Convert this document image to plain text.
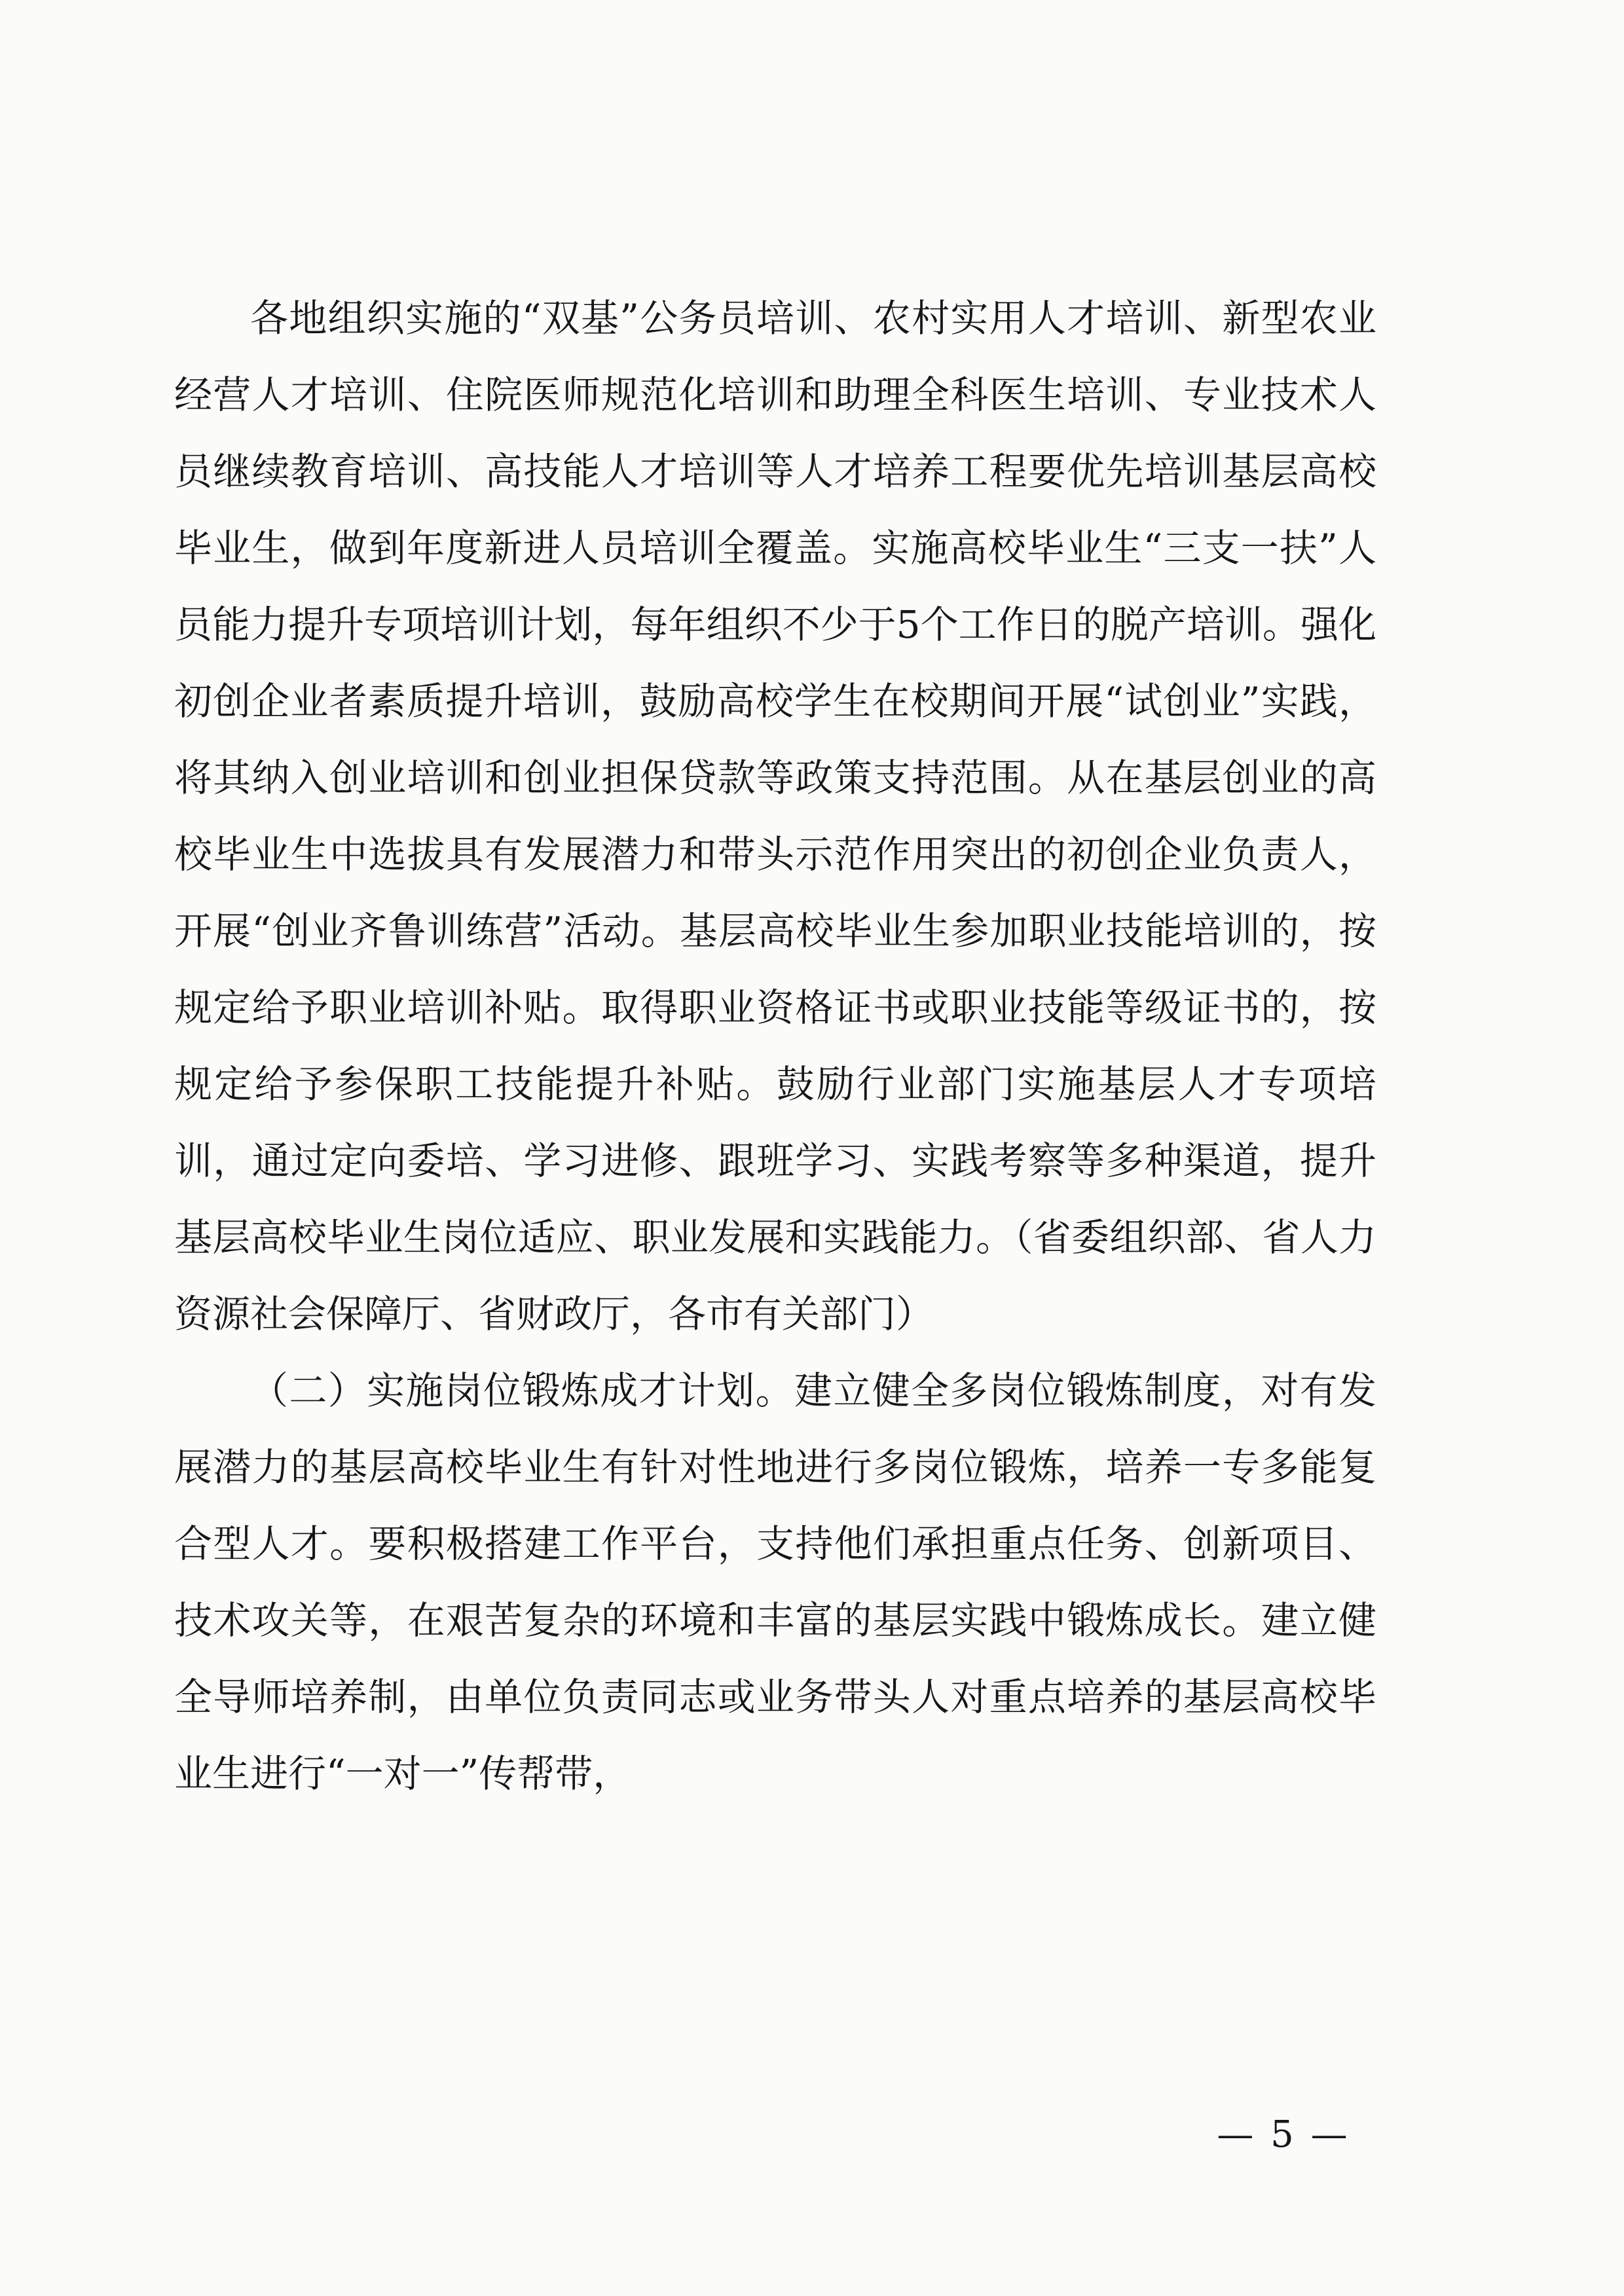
各地组织实施的“双基”公务员培训、农村实用人才培训、新型农业经营人才培训、住院医师规范化培训和助理全科医生培训、专业技术人员继续教育培训、高技能人才培训等人才培养工程要优先培训基层高校毕业生，做到年度新进人员培训全覆盖。实施高校毕业生“三支一扶”人员能力提升专项培训计划，每年组织不少于5个工作日的脱产培训。强化初创企业者素质提升培训，鼓励高校学生在校期间开展“试创业”实践，将其纳入创业培训和创业担保贷款等政策支持范围。从在基层创业的高校毕业生中选拔具有发展潜力和带头示范作用突出的初创企业负责人，开展“创业齐鲁训练营”活动。基层高校毕业生参加职业技能培训的，按规定给予职业培训补贴。取得职业资格证书或职业技能等级证书的，按规定给予参保职工技能提升补贴。鼓励行业部门实施基层人才专项培训，通过定向委培、学习进修、跟班学习、实践考察等多种渠道，提升基层高校毕业生岗位适应、职业发展和实践能力。（省委组织部、省人力资源社会保障厅、省财政厅，各市有关部门）

（二）实施岗位锻炼成才计划。建立健全多岗位锻炼制度，对有发展潜力的基层高校毕业生有针对性地进行多岗位锻炼，培养一专多能复合型人才。要积极搭建工作平台，支持他们承担重点任务、创新项目、技术攻关等，在艰苦复杂的环境和丰富的基层实践中锻炼成长。建立健全导师培养制，由单位负责同志或业务带头人对重点培养的基层高校毕业生进行“一对一”传帮带，

— 5 —
